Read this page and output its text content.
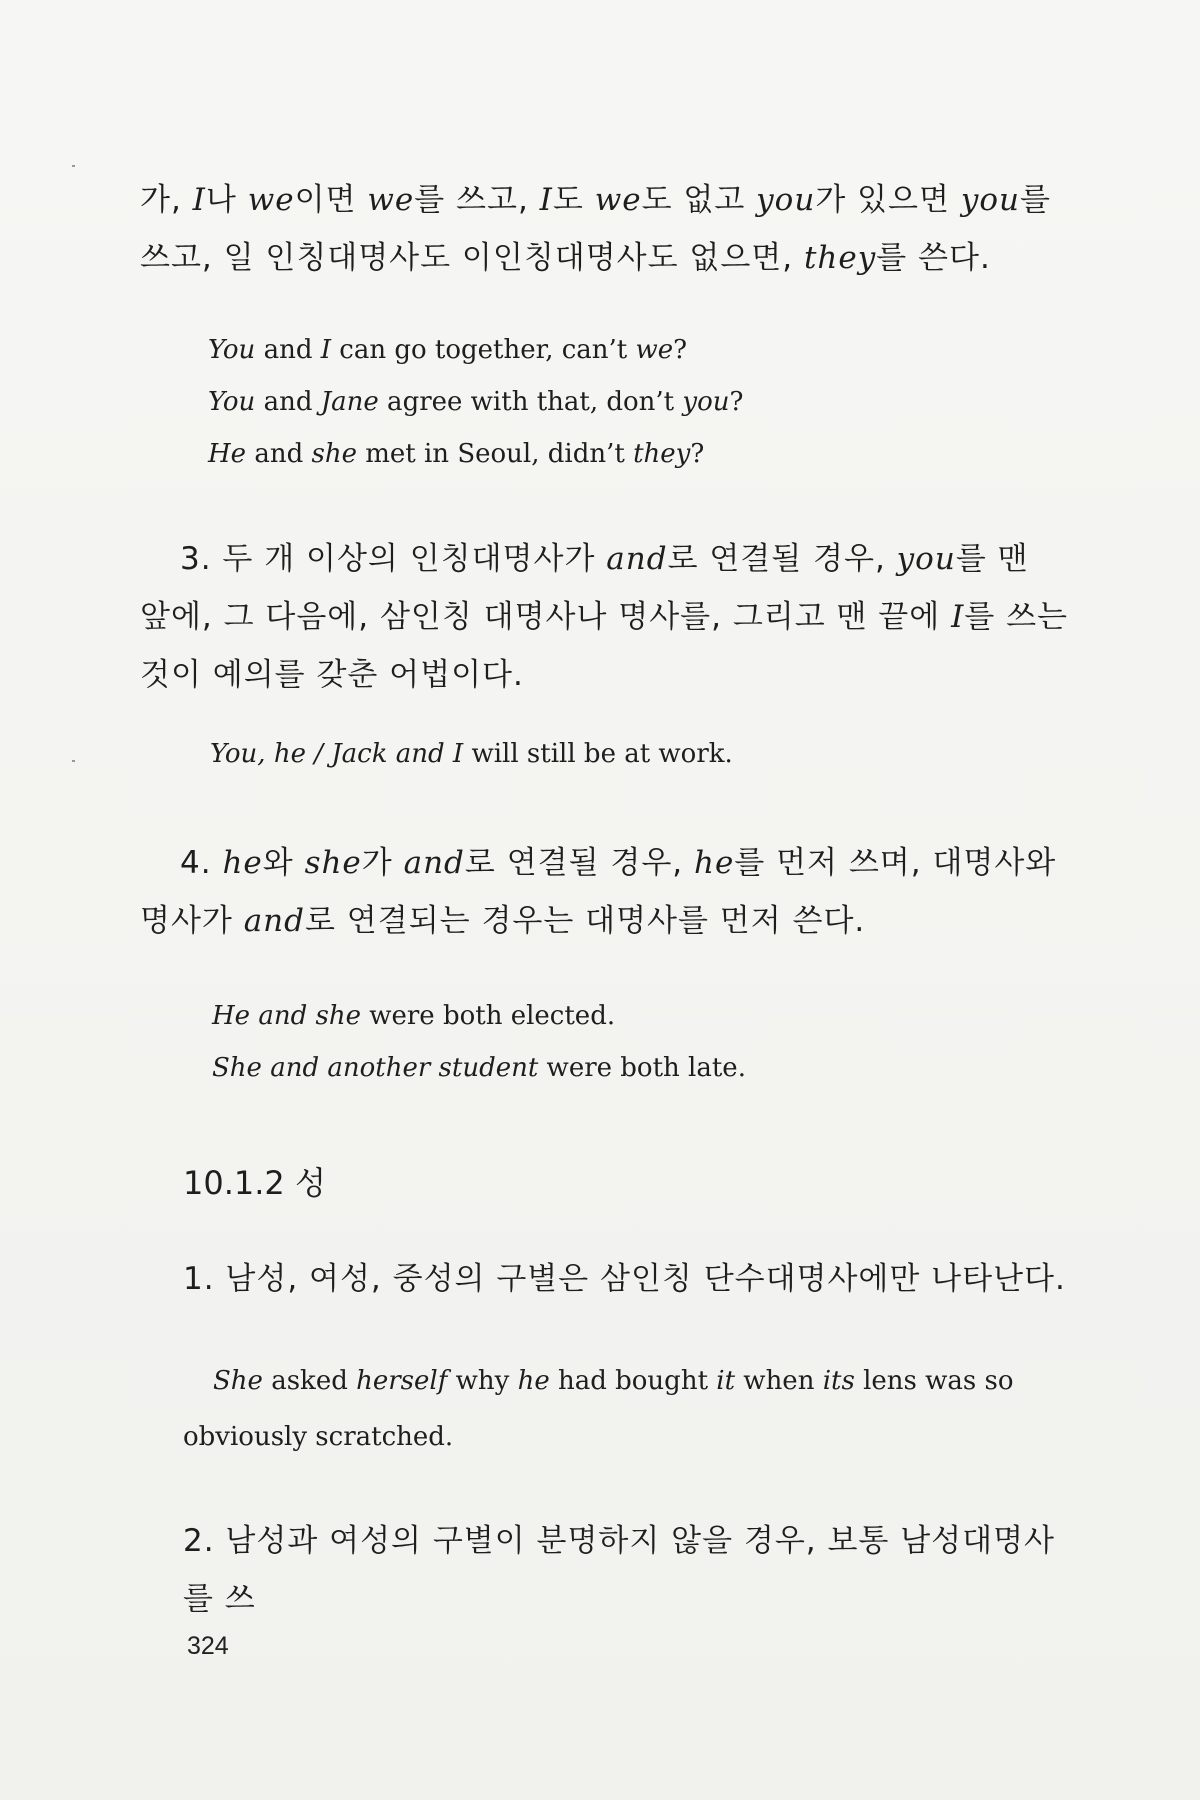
가, I나 we이면 we를 쓰고, I도 we도 없고 you가 있으면 you를 쓰고, 일 인칭대명사도 이인칭대명사도 없으면, they를 쓴다.

You and I can go together, can’t we?

You and Jane agree with that, don’t you?

He and she met in Seoul, didn’t they?

3. 두 개 이상의 인칭대명사가 and로 연결될 경우, you를 맨 앞에, 그 다음에, 삼인칭 대명사나 명사를, 그리고 맨 끝에 I를 쓰는 것이 예의를 갖춘 어법이다.

You, he / Jack and I will still be at work.

4. he와 she가 and로 연결될 경우, he를 먼저 쓰며, 대명사와 명사가 and로 연결되는 경우는 대명사를 먼저 쓴다.

He and she were both elected.

She and another student were both late.

10.1.2 성

1. 남성, 여성, 중성의 구별은 삼인칭 단수대명사에만 나타난다.

She asked herself why he had bought it when its lens was so obviously scratched.

2. 남성과 여성의 구별이 분명하지 않을 경우, 보통 남성대명사를 쓰

324
